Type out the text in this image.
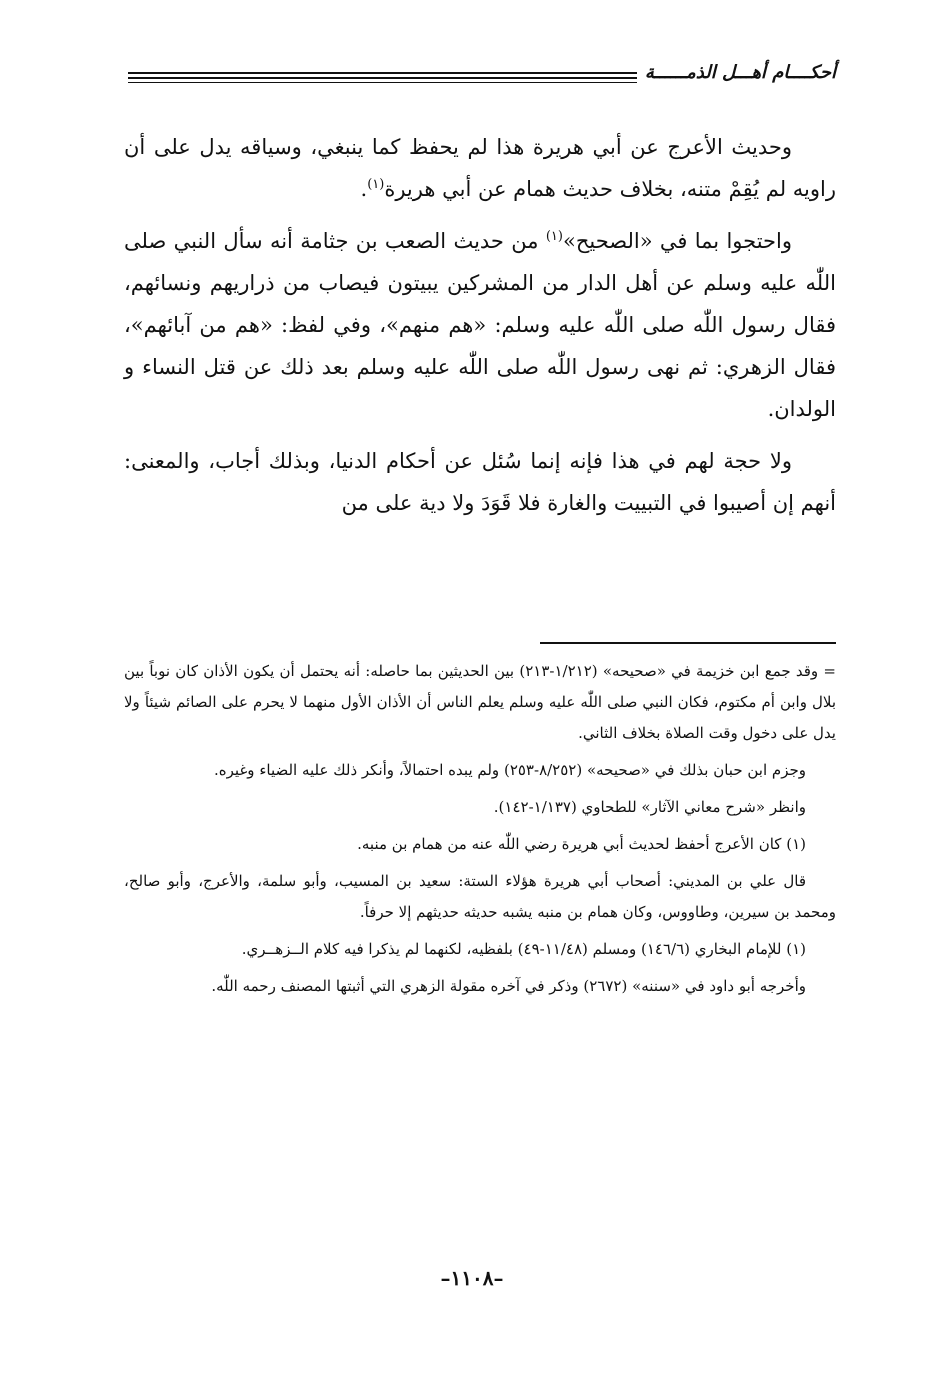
أحكــــام أهـــل الذمــــــة

وحديث الأعرج عن أبي هريرة هذا لم يحفظ كما ينبغي، وسياقه يدل على أن راويه لم يُقِمْ متنه، بخلاف حديث همام عن أبي هريرة$^{(١)}$.

واحتجوا بما في «الصحيح»$^{(١)}$ من حديث الصعب بن جثامة أنه سأل النبي صلى اللّٰه عليه وسلم عن أهل الدار من المشركين يبيتون فيصاب من ذراريهم ونسائهم، فقال رسول اللّٰه صلى اللّٰه عليه وسلم: «هم منهم»، وفي لفظ: «هم من آبائهم»، فقال الزهري: ثم نهى رسول اللّٰه صلى اللّٰه عليه وسلم بعد ذلك عن قتل النساء و الولدان.

ولا حجة لهم في هذا فإنه إنما سُئل عن أحكام الدنيا، وبذلك أجاب، والمعنى: أنهم إن أصيبوا في التبييت والغارة فلا قَوَدَ ولا دية على من

= وقد جمع ابن خزيمة في «صحيحه» (١/٢١٢-٢١٣) بين الحديثين بما حاصله: أنه يحتمل أن يكون الأذان كان نوباً بين بلال وابن أم مكتوم، فكان النبي صلى اللّٰه عليه وسلم يعلم الناس أن الأذان الأول منهما لا يحرم على الصائم شيئاً ولا يدل على دخول وقت الصلاة بخلاف الثاني.

وجزم ابن حبان بذلك في «صحيحه» (٨/٢٥٢-٢٥٣) ولم يبده احتمالاً، وأنكر ذلك عليه الضياء وغيره.

وانظر «شرح معاني الآثار» للطحاوي (١/١٣٧-١٤٢).

(١) كان الأعرج أحفظ لحديث أبي هريرة رضي اللّٰه عنه من همام بن منبه.

قال علي بن المديني: أصحاب أبي هريرة هؤلاء الستة: سعيد بن المسيب، وأبو سلمة، والأعرج، وأبو صالح، ومحمد بن سيرين، وطاووس، وكان همام بن منبه يشبه حديثه حديثهم إلا حرفاً.

(١) للإمام البخاري (١٤٦/٦) ومسلم (١١/٤٨-٤٩) بلفظيه، لكنهما لم يذكرا فيه كلام الــزهــري.

وأخرجه أبو داود في «سننه» (٢٦٧٢) وذكر في آخره مقولة الزهري التي أثبتها المصنف رحمه اللّٰه.

–١١٠٨–
